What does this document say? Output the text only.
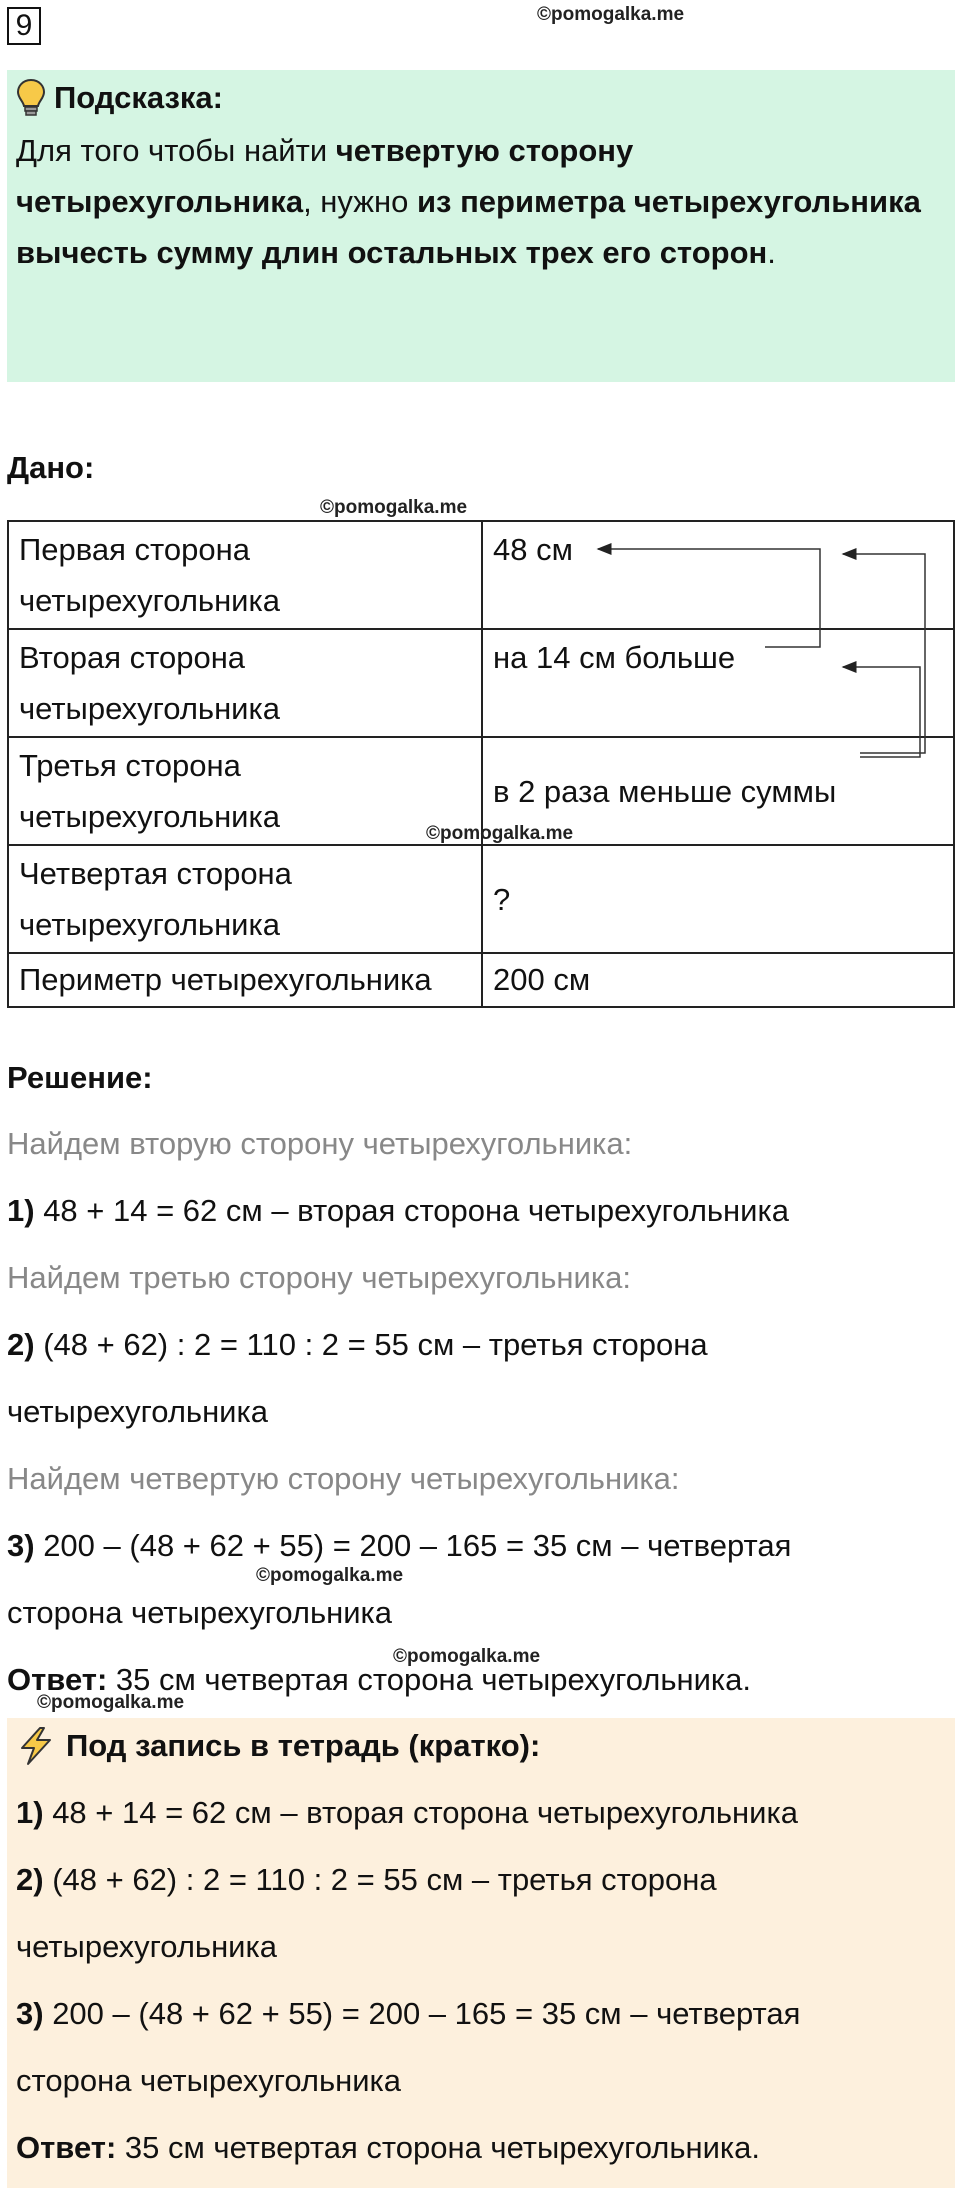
9	©pomogalka.me
Подсказка:
Для того чтобы найти четвертую сторону четырехугольника, нужно из периметра четырехугольника вычесть сумму длин остальных трех его сторон.
Дано:
©pomogalka.me
Первая сторона четырехугольника	48 см
Вторая сторона четырехугольника	на 14 см больше
Третья сторона четырехугольника	в 2 раза меньше суммы
Четвертая сторона четырехугольника	?
Периметр четырехугольника	200 см
©pomogalka.me
Решение:
Найдем вторую сторону четырехугольника:
1) 48 + 14 = 62 см – вторая сторона четырехугольника
Найдем третью сторону четырехугольника:
2) (48 + 62) : 2 = 110 : 2 = 55 см – третья сторона
четырехугольника
Найдем четвертую сторону четырехугольника:
3) 200 – (48 + 62 + 55) = 200 – 165 = 35 см – четвертая
©pomogalka.me
сторона четырехугольника
©pomogalka.me
Ответ: 35 см четвертая сторона четырехугольника.
©pomogalka.me
Под запись в тетрадь (кратко):
1) 48 + 14 = 62 см – вторая сторона четырехугольника
2) (48 + 62) : 2 = 110 : 2 = 55 см – третья сторона
четырехугольника
3) 200 – (48 + 62 + 55) = 200 – 165 = 35 см – четвертая
сторона четырехугольника
Ответ: 35 см четвертая сторона четырехугольника.
